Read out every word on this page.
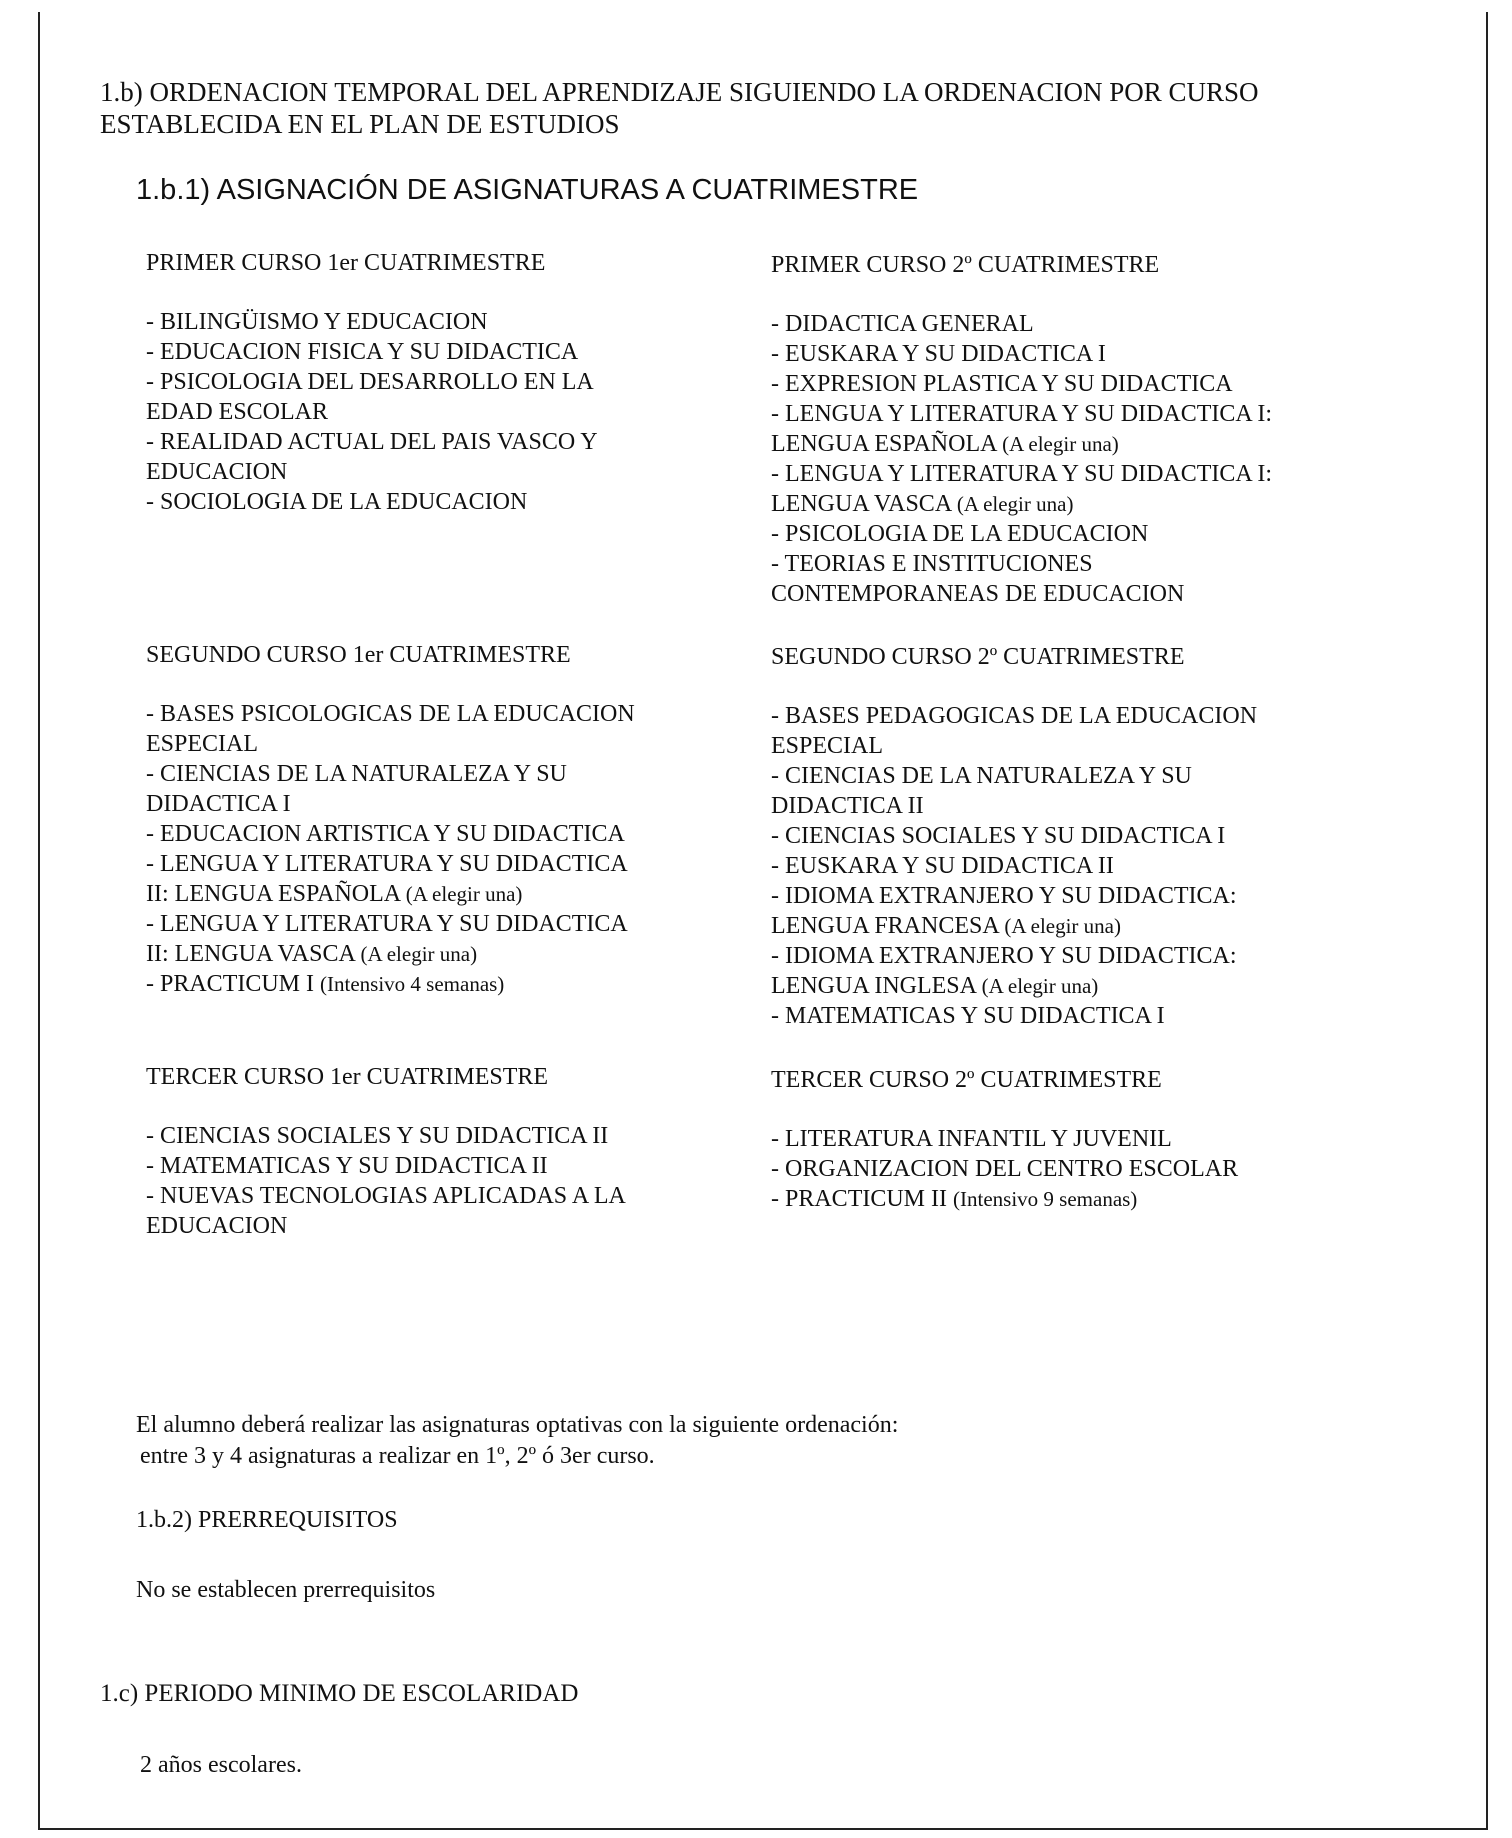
1.b) ORDENACION TEMPORAL DEL APRENDIZAJE SIGUIENDO LA ORDENACION POR CURSO ESTABLECIDA EN EL PLAN DE ESTUDIOS
1.b.1) ASIGNACIÓN DE ASIGNATURAS A CUATRIMESTRE

PRIMER CURSO 1er CUATRIMESTRE

- BILINGÜISMO Y EDUCACION
- EDUCACION FISICA Y SU DIDACTICA
- PSICOLOGIA DEL DESARROLLO EN LA
EDAD ESCOLAR
- REALIDAD ACTUAL DEL PAIS VASCO Y
EDUCACION
- SOCIOLOGIA DE LA EDUCACION

PRIMER CURSO 2º CUATRIMESTRE

- DIDACTICA GENERAL
- EUSKARA Y SU DIDACTICA I
- EXPRESION PLASTICA Y SU DIDACTICA
- LENGUA Y LITERATURA Y SU DIDACTICA I:
LENGUA ESPAÑOLA (A elegir una)
- LENGUA Y LITERATURA Y SU DIDACTICA I:
LENGUA VASCA (A elegir una)
- PSICOLOGIA DE LA EDUCACION
- TEORIAS E INSTITUCIONES
CONTEMPORANEAS DE EDUCACION

SEGUNDO CURSO 1er CUATRIMESTRE

- BASES PSICOLOGICAS DE LA EDUCACION
ESPECIAL
- CIENCIAS DE LA NATURALEZA Y SU
DIDACTICA I
- EDUCACION ARTISTICA Y SU DIDACTICA
- LENGUA Y LITERATURA Y SU DIDACTICA
II: LENGUA ESPAÑOLA (A elegir una)
- LENGUA Y LITERATURA Y SU DIDACTICA
II: LENGUA VASCA (A elegir una)
- PRACTICUM I (Intensivo 4 semanas)

SEGUNDO CURSO 2º CUATRIMESTRE

- BASES PEDAGOGICAS DE LA EDUCACION
ESPECIAL
- CIENCIAS DE LA NATURALEZA Y SU
DIDACTICA II
- CIENCIAS SOCIALES Y SU DIDACTICA I
- EUSKARA Y SU DIDACTICA II
- IDIOMA EXTRANJERO Y SU DIDACTICA:
LENGUA FRANCESA (A elegir una)
- IDIOMA EXTRANJERO Y SU DIDACTICA:
LENGUA INGLESA (A elegir una)
- MATEMATICAS Y SU DIDACTICA I

TERCER CURSO 1er CUATRIMESTRE

- CIENCIAS SOCIALES Y SU DIDACTICA II
- MATEMATICAS Y SU DIDACTICA II
- NUEVAS TECNOLOGIAS APLICADAS A LA
EDUCACION

TERCER CURSO 2º CUATRIMESTRE

- LITERATURA INFANTIL Y JUVENIL
- ORGANIZACION DEL CENTRO ESCOLAR
- PRACTICUM II (Intensivo 9 semanas)

El alumno deberá realizar las asignaturas optativas con la siguiente ordenación:

entre 3 y 4 asignaturas a realizar en 1º, 2º ó 3er curso.

1.b.2) PRERREQUISITOS

No se establecen prerrequisitos

1.c) PERIODO MINIMO DE ESCOLARIDAD

2 años escolares.
